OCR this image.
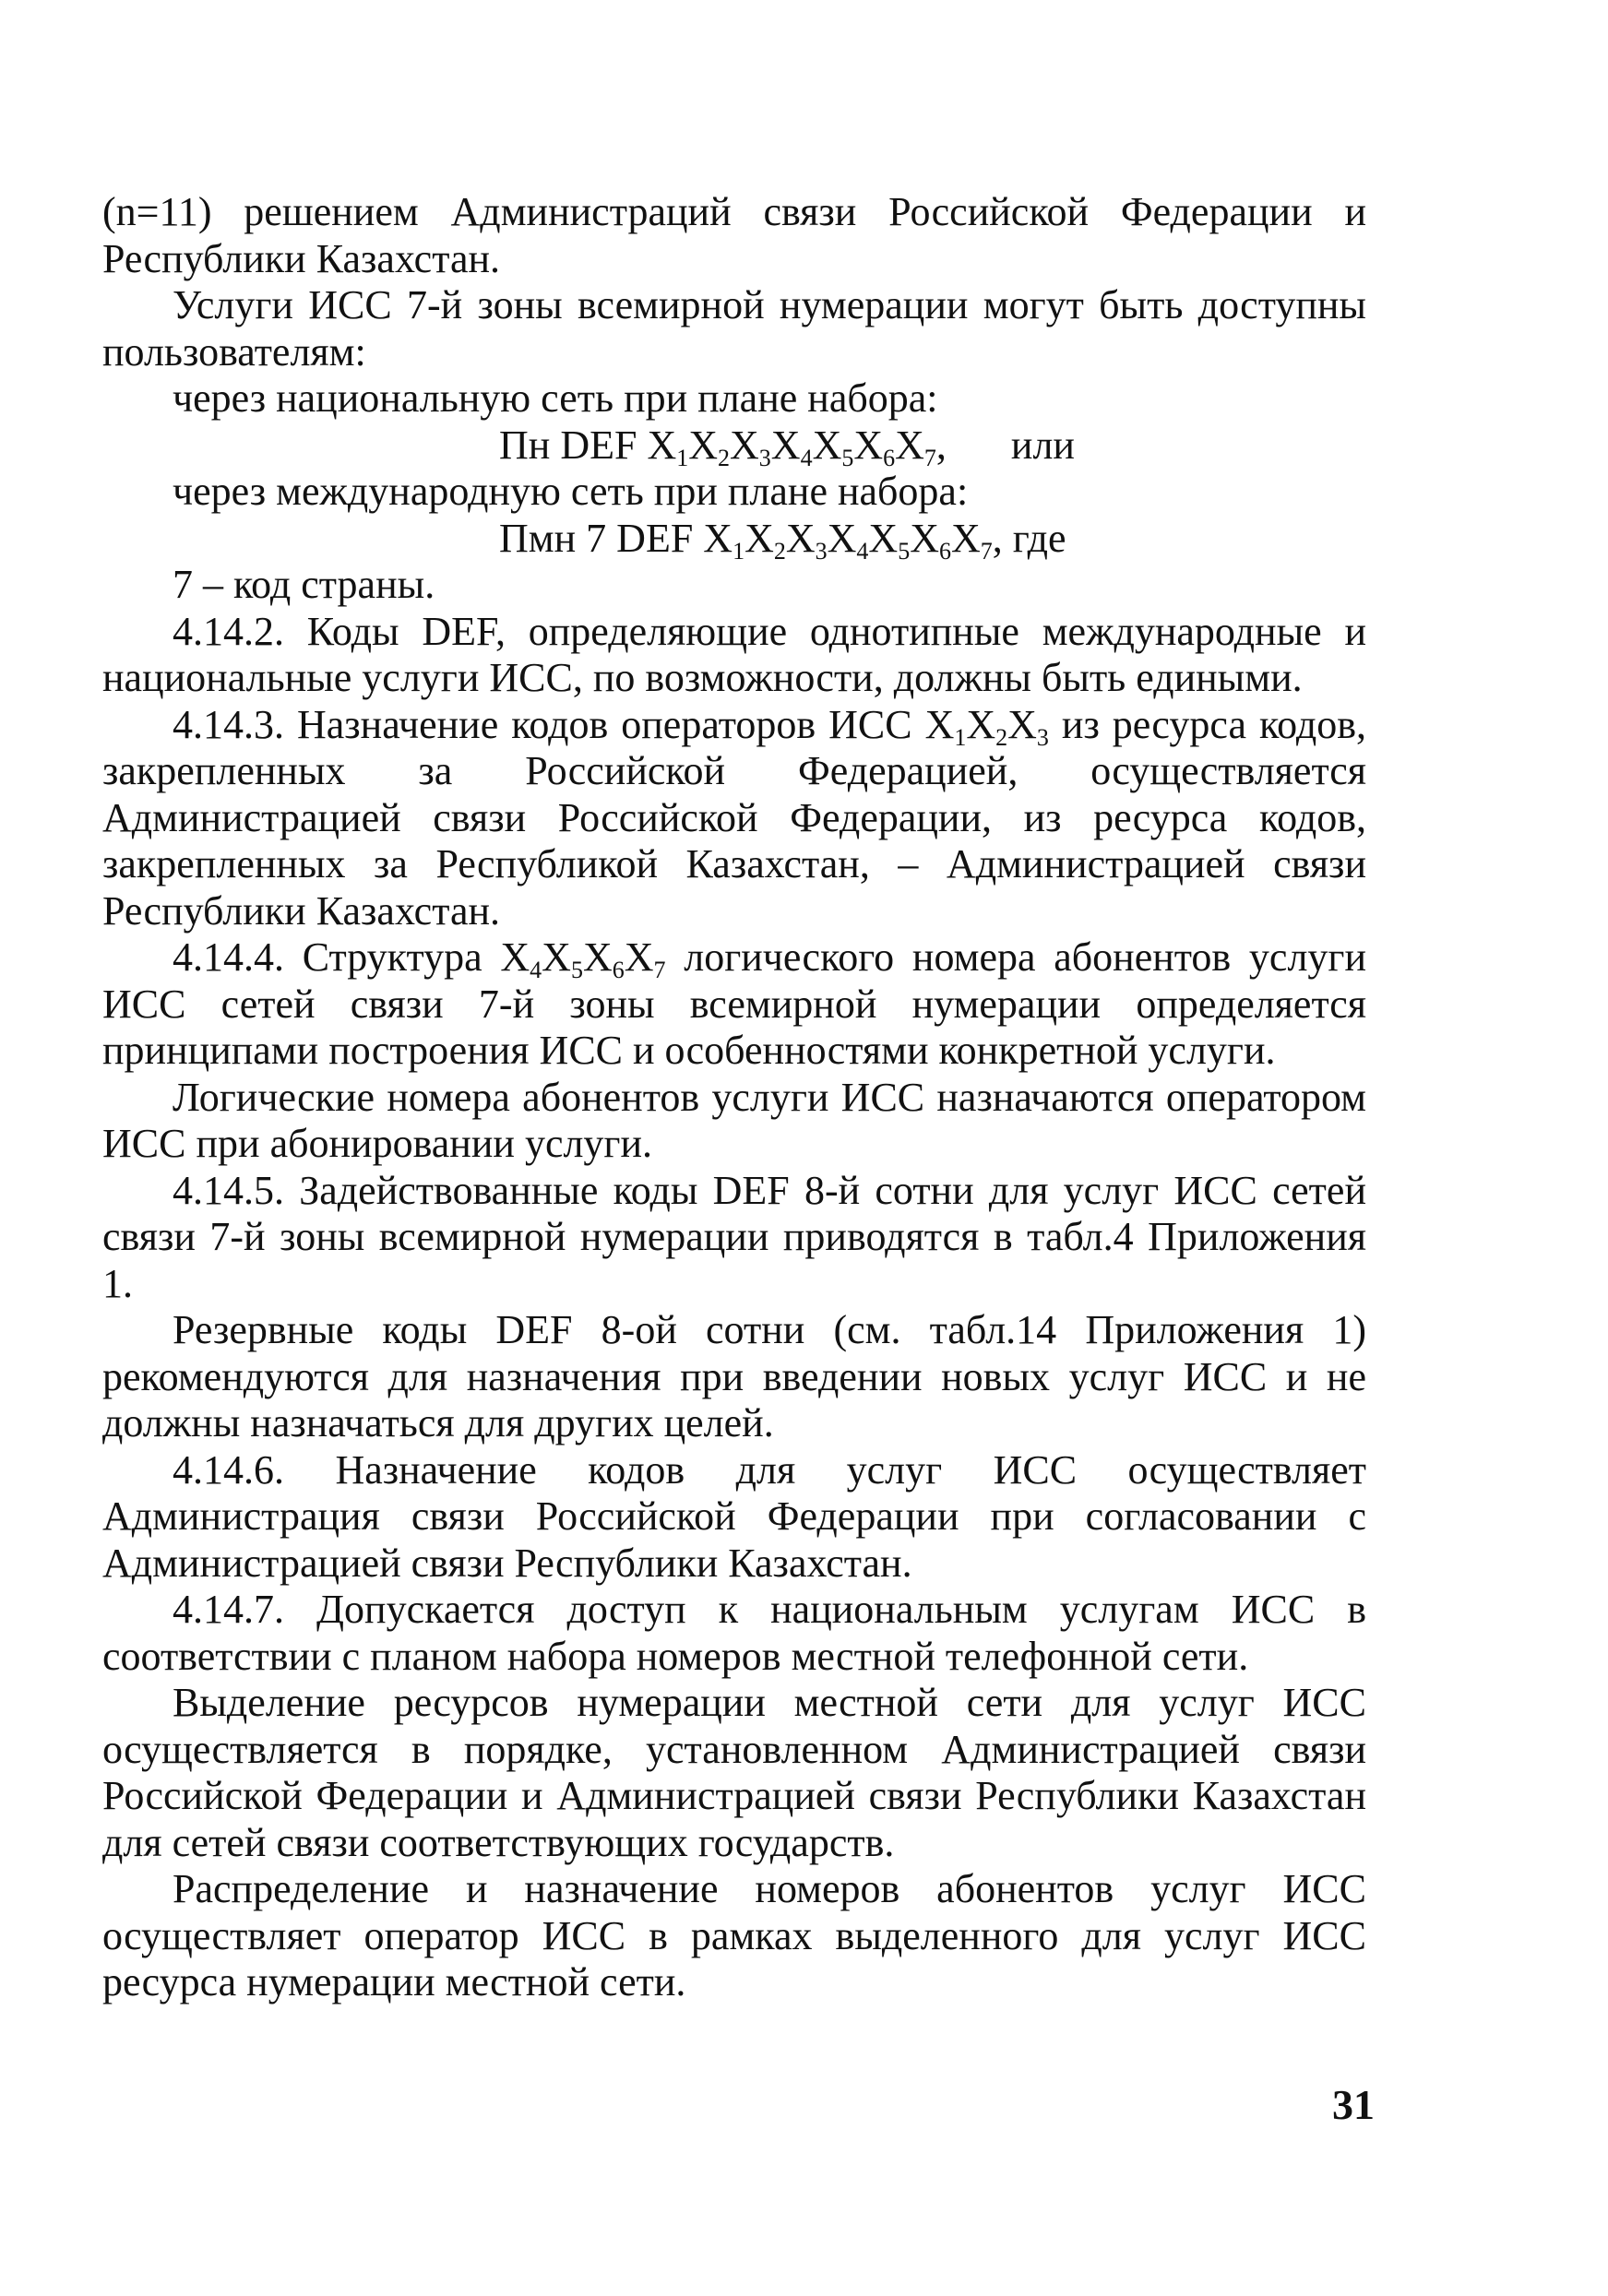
(n=11) решением Администраций связи Российской Федерации и Республики Казахстан.

Услуги ИСС 7-й зоны всемирной нумерации могут быть доступны пользователям:

через национальную сеть при плане набора:

Пн DEF $X_1X_2X_3X_4X_5X_6X_7$, или

через международную сеть при плане набора:

Пмн 7 DEF $X_1X_2X_3X_4X_5X_6X_7$, где

7 – код страны.

4.14.2. Коды DEF, определяющие однотипные международные и национальные услуги ИСС, по возможности, должны быть едиными.

4.14.3. Назначение кодов операторов ИСС $X_1X_2X_3$ из ресурса кодов, закрепленных за Российской Федерацией, осуществляется Администрацией связи Российской Федерации, из ресурса кодов, закрепленных за Республикой Казахстан, – Администрацией связи Республики Казахстан.

4.14.4. Структура $X_4X_5X_6X_7$ логического номера абонентов услуги ИСС сетей связи 7-й зоны всемирной нумерации определяется принципами построения ИСС и особенностями конкретной услуги.

Логические номера абонентов услуги ИСС назначаются оператором ИСС при абонировании услуги.

4.14.5. Задействованные коды DEF 8-й сотни для услуг ИСС сетей связи 7-й зоны всемирной нумерации приводятся в табл.4 Приложения 1.

Резервные коды DEF 8-ой сотни (см. табл.14 Приложения 1) рекомендуются для назначения при введении новых услуг ИСС и не должны назначаться для других целей.

4.14.6. Назначение кодов для услуг ИСС осуществляет Администрация связи Российской Федерации при согласовании с Администрацией связи Республики Казахстан.

4.14.7. Допускается доступ к национальным услугам ИСС в соответствии с планом набора номеров местной телефонной сети.

Выделение ресурсов нумерации местной сети для услуг ИСС осуществляется в порядке, установленном Администрацией связи Российской Федерации и Администрацией связи Республики Казахстан для сетей связи соответствующих государств.

Распределение и назначение номеров абонентов услуг ИСС осуществляет оператор ИСС в рамках выделенного для услуг ИСС ресурса нумерации местной сети.

31
